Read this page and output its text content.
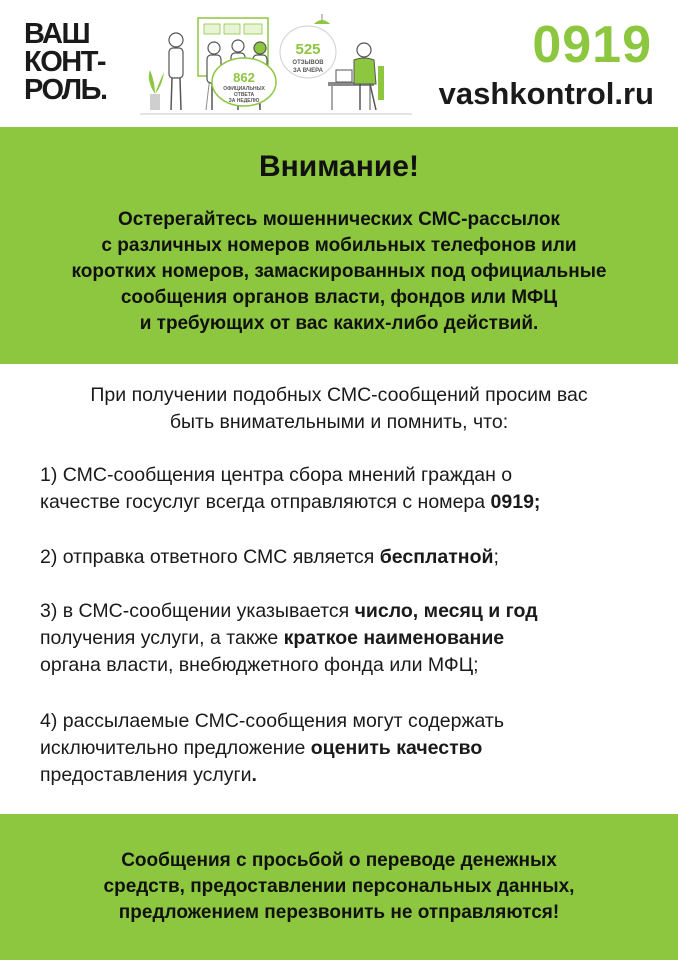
ВАШ
КОНТ-
РОЛЬ.	862
ОФИЦИАЛЬНЫХ
ОТВЕТА
ЗА НЕДЕЛЮ
525
ОТЗЫВОВ
ЗА ВЧЕРА	0919
vashkontrol.ru
Внимание!
Остерегайтесь мошеннических СМС-рассылок
с различных номеров мобильных телефонов или
коротких номеров, замаскированных под официальные
сообщения органов власти, фондов или МФЦ
и требующих от вас каких-либо действий.
При получении подобных СМС-сообщений просим вас
быть внимательными и помнить, что:
1) СМС-сообщения центра сбора мнений граждан о
качестве госуслуг всегда отправляются с номера 0919;
2) отправка ответного СМС является бесплатной;
3) в СМС-сообщении указывается число, месяц и год
получения услуги, а также краткое наименование
органа власти, внебюджетного фонда или МФЦ;
4) рассылаемые СМС-сообщения могут содержать
исключительно предложение оценить качество
предоставления услуги.
Сообщения с просьбой о переводе денежных
средств, предоставлении персональных данных,
предложением перезвонить не отправляются!
